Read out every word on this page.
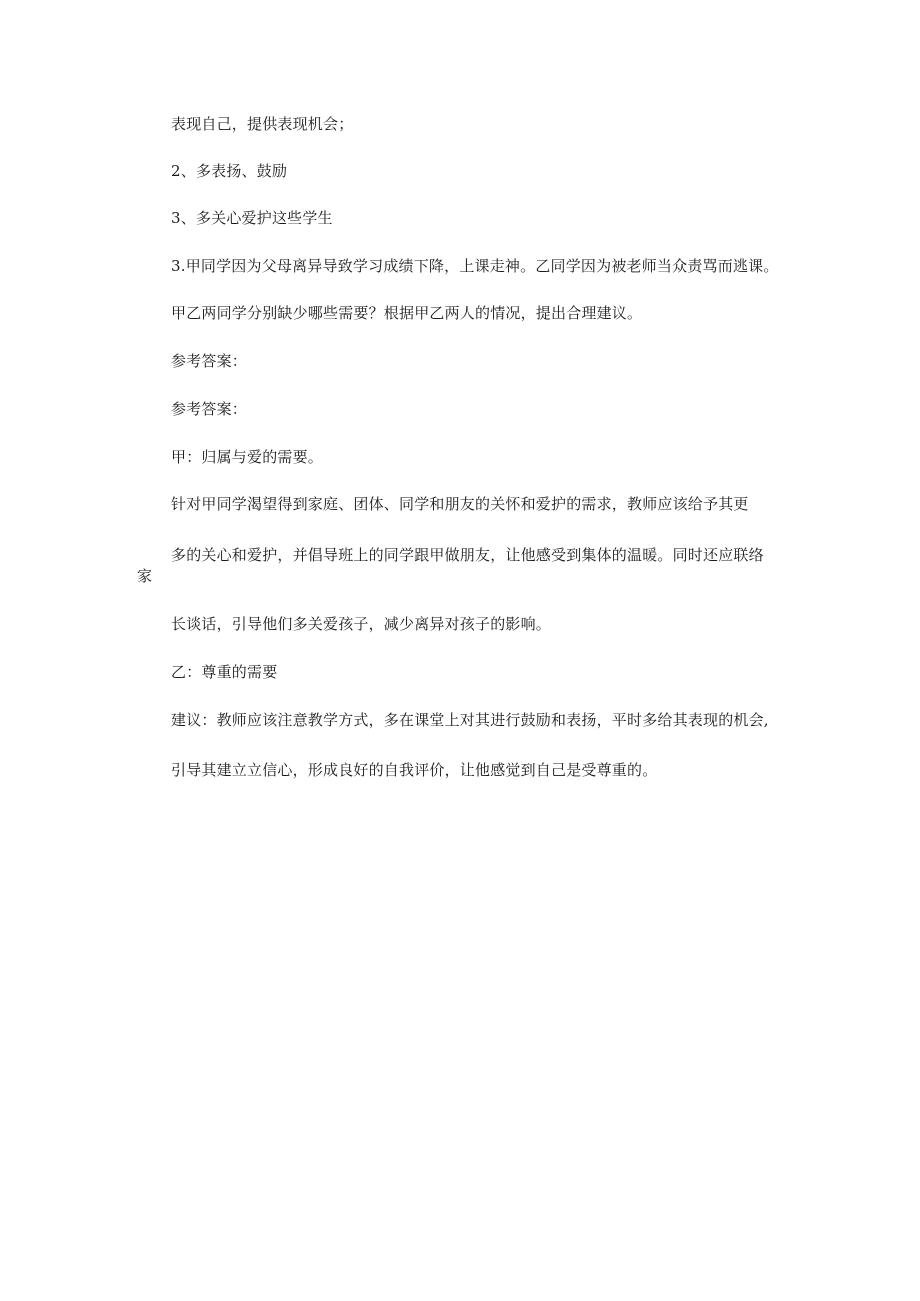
表现自己，提供表现机会；
2、多表扬、鼓励
3、多关心爱护这些学生
3.甲同学因为父母离异导致学习成绩下降，上课走神。乙同学因为被老师当众责骂而逃课。
甲乙两同学分别缺少哪些需要？根据甲乙两人的情况，提出合理建议。
参考答案：
参考答案：
甲：归属与爱的需要。
针对甲同学渴望得到家庭、团体、同学和朋友的关怀和爱护的需求，教师应该给予其更
多的关心和爱护，并倡导班上的同学跟甲做朋友，让他感受到集体的温暖。同时还应联络
家
长谈话，引导他们多关爱孩子，减少离异对孩子的影响。
乙：尊重的需要
建议：教师应该注意教学方式，多在课堂上对其进行鼓励和表扬，平时多给其表现的机会,
引导其建立立信心，形成良好的自我评价，让他感觉到自己是受尊重的。
